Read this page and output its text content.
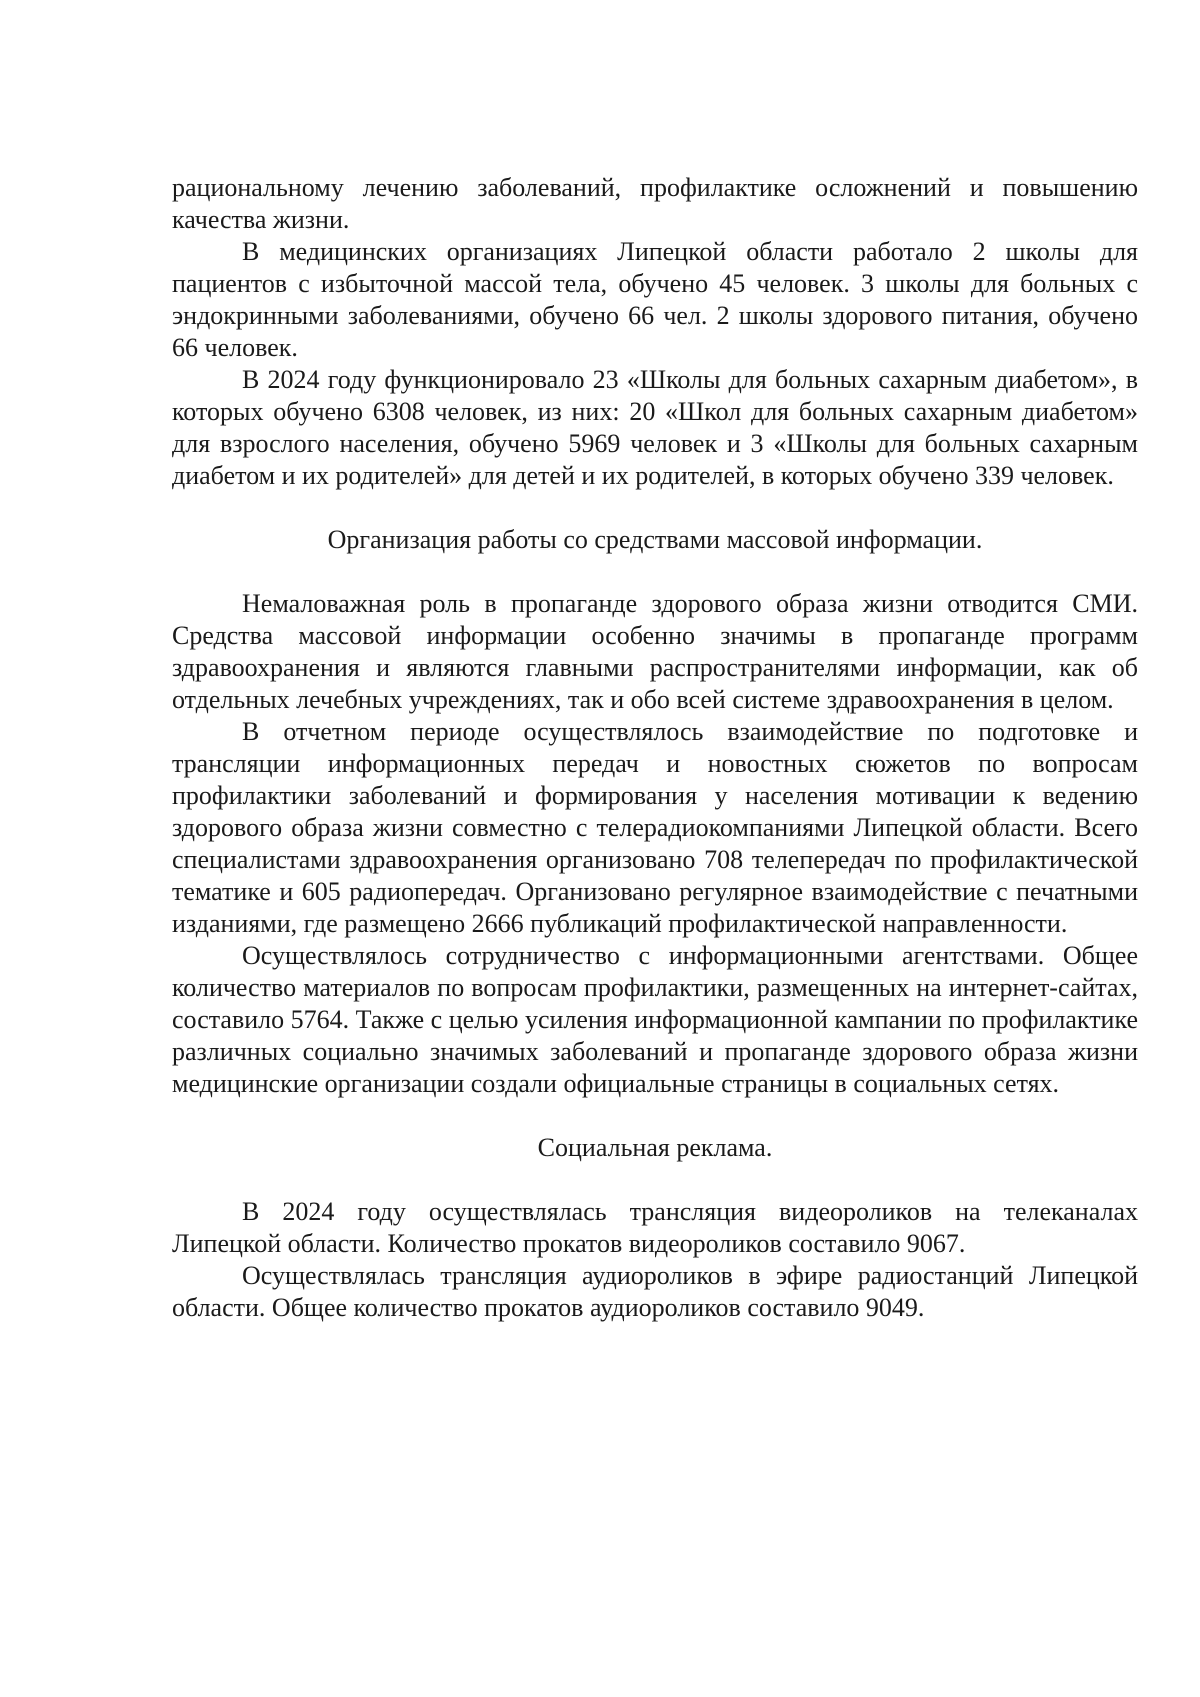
рациональному лечению заболеваний, профилактике осложнений и повышению качества жизни.

В медицинских организациях Липецкой области работало 2 школы для пациентов с избыточной массой тела, обучено 45 человек. 3 школы для больных с эндокринными заболеваниями, обучено 66 чел. 2 школы здорового питания, обучено 66 человек.

В 2024 году функционировало 23 «Школы для больных сахарным диабетом», в которых обучено 6308 человек, из них: 20 «Школ для больных сахарным диабетом» для взрослого населения, обучено 5969 человек и 3 «Школы для больных сахарным диабетом и их родителей» для детей и их родителей, в которых обучено 339 человек.

Организация работы со средствами массовой информации.

Немаловажная роль в пропаганде здорового образа жизни отводится СМИ. Средства массовой информации особенно значимы в пропаганде программ здравоохранения и являются главными распространителями информации, как об отдельных лечебных учреждениях, так и обо всей системе здравоохранения в целом.

В отчетном периоде осуществлялось взаимодействие по подготовке и трансляции информационных передач и новостных сюжетов по вопросам профилактики заболеваний и формирования у населения мотивации к ведению здорового образа жизни совместно с телерадиокомпаниями Липецкой области. Всего специалистами здравоохранения организовано 708 телепередач по профилактической тематике и 605 радиопередач. Организовано регулярное взаимодействие с печатными изданиями, где размещено 2666 публикаций профилактической направленности.

Осуществлялось сотрудничество с информационными агентствами. Общее количество материалов по вопросам профилактики, размещенных на интернет-сайтах, составило 5764. Также с целью усиления информационной кампании по профилактике различных социально значимых заболеваний и пропаганде здорового образа жизни медицинские организации создали официальные страницы в социальных сетях.

Социальная реклама.

В 2024 году осуществлялась трансляция видеороликов на телеканалах Липецкой области. Количество прокатов видеороликов составило 9067.

Осуществлялась трансляция аудиороликов в эфире радиостанций Липецкой области. Общее количество прокатов аудиороликов составило 9049.
